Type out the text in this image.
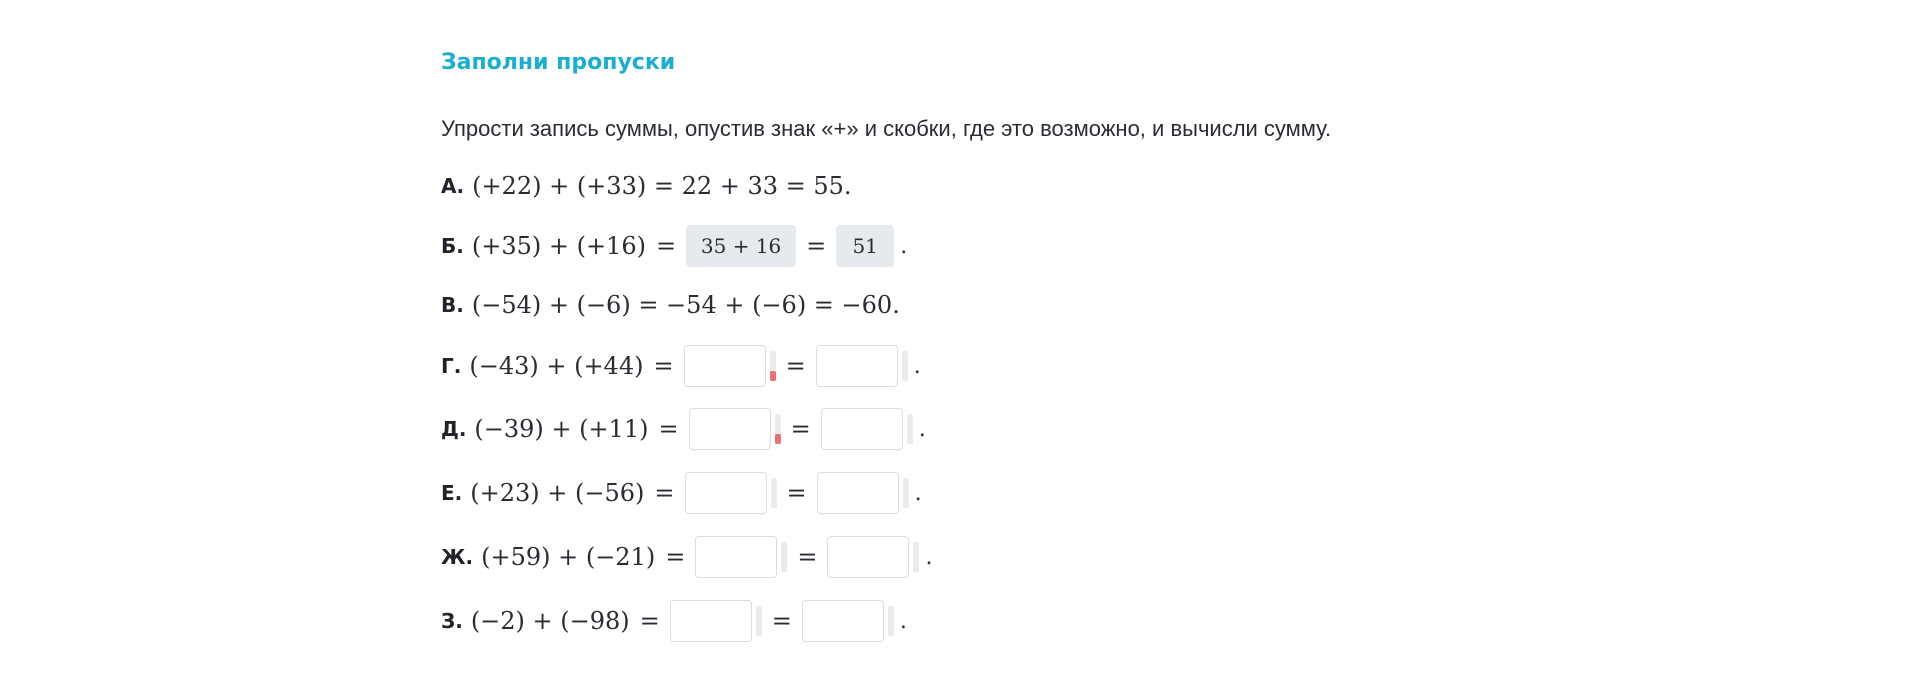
Заполни пропуски
Упрости запись суммы, опустив знак «+» и скобки, где это возможно, и вычисли сумму.
А. (+22) + (+33) = 22 + 33 = 55 .
Б. (+35) + (+16) =	35 + 16	=	51	.
В. (−54) + (−6) = −54 + (−6) = −60 .
Г. (−43) + (+44) =	=	.
Д. (−39) + (+11) =	=	.
Е. (+23) + (−56) =	=	.
Ж. (+59) + (−21) =	=	.
З. (−2) + (−98) =	=	.
